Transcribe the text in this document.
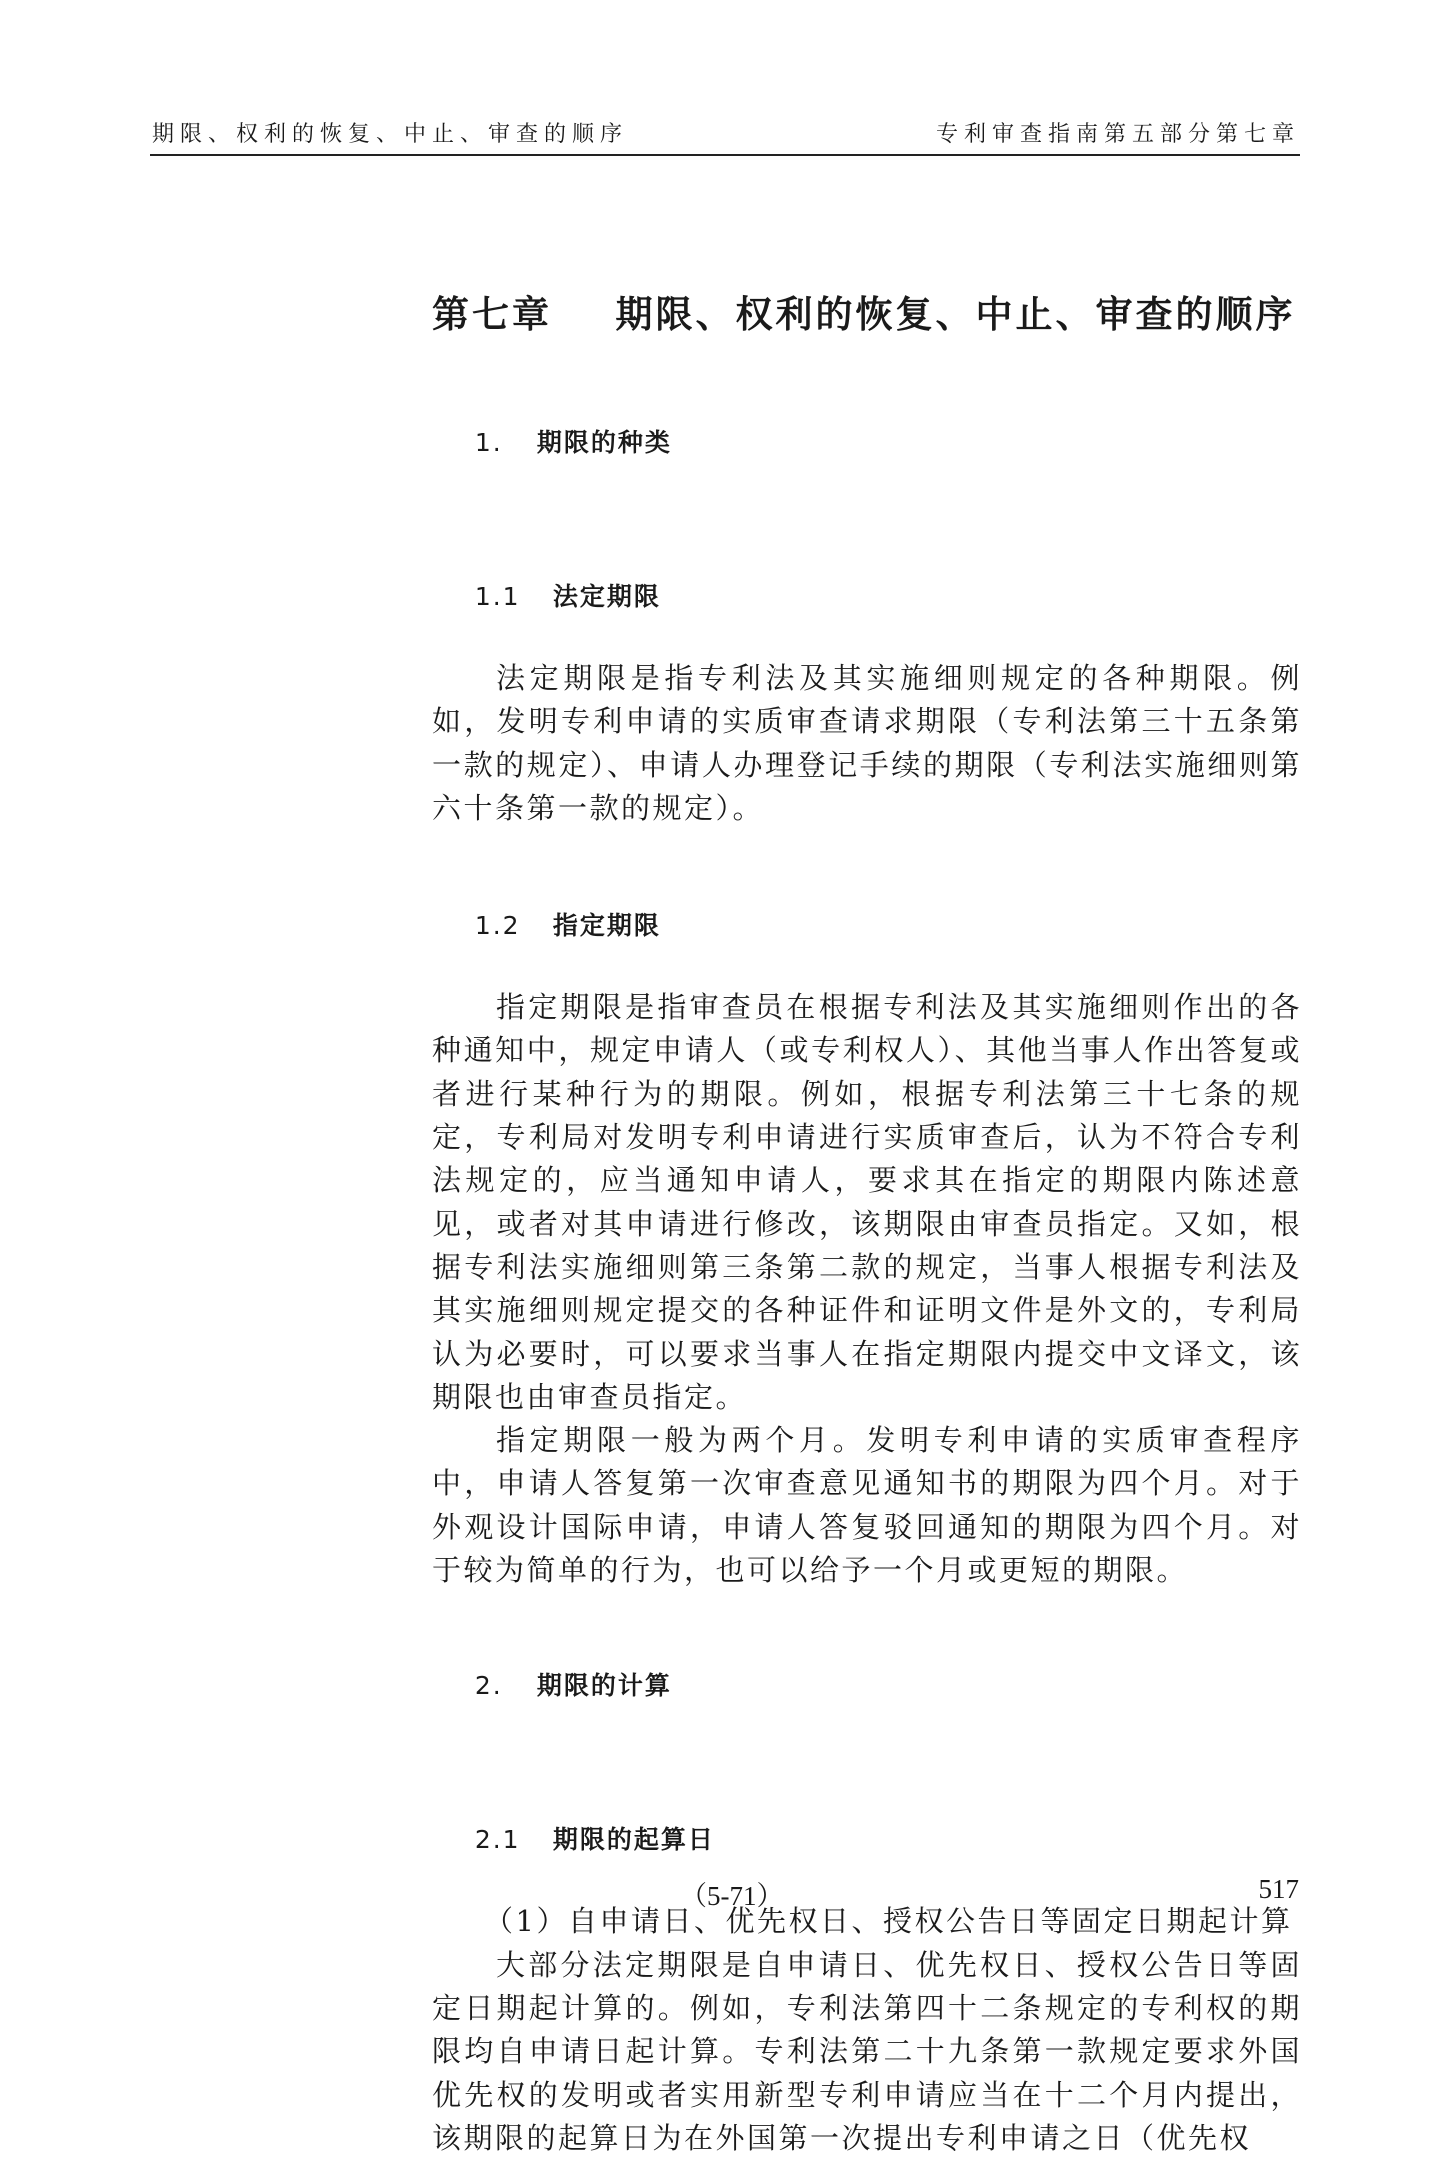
期限、权利的恢复、中止、审查的顺序	专利审查指南第五部分第七章
第七章    期限、权利的恢复、中止、审查的顺序

1. 期限的种类

1.1 法定期限

法定期限是指专利法及其实施细则规定的各种期限。例如，发明专利申请的实质审查请求期限（专利法第三十五条第一款的规定）、申请人办理登记手续的期限（专利法实施细则第六十条第一款的规定）。

1.2 指定期限

指定期限是指审查员在根据专利法及其实施细则作出的各种通知中，规定申请人（或专利权人）、其他当事人作出答复或者进行某种行为的期限。例如，根据专利法第三十七条的规定，专利局对发明专利申请进行实质审查后，认为不符合专利法规定的，应当通知申请人，要求其在指定的期限内陈述意见，或者对其申请进行修改，该期限由审查员指定。又如，根据专利法实施细则第三条第二款的规定，当事人根据专利法及其实施细则规定提交的各种证件和证明文件是外文的，专利局认为必要时，可以要求当事人在指定期限内提交中文译文，该期限也由审查员指定。

指定期限一般为两个月。发明专利申请的实质审查程序中，申请人答复第一次审查意见通知书的期限为四个月。对于外观设计国际申请，申请人答复驳回通知的期限为四个月。对于较为简单的行为，也可以给予一个月或更短的期限。

2. 期限的计算

2.1 期限的起算日

（1）自申请日、优先权日、授权公告日等固定日期起计算

大部分法定期限是自申请日、优先权日、授权公告日等固定日期起计算的。例如，专利法第四十二条规定的专利权的期限均自申请日起计算。专利法第二十九条第一款规定要求外国优先权的发明或者实用新型专利申请应当在十二个月内提出，该期限的起算日为在外国第一次提出专利申请之日（优先权

（5-71）	517
